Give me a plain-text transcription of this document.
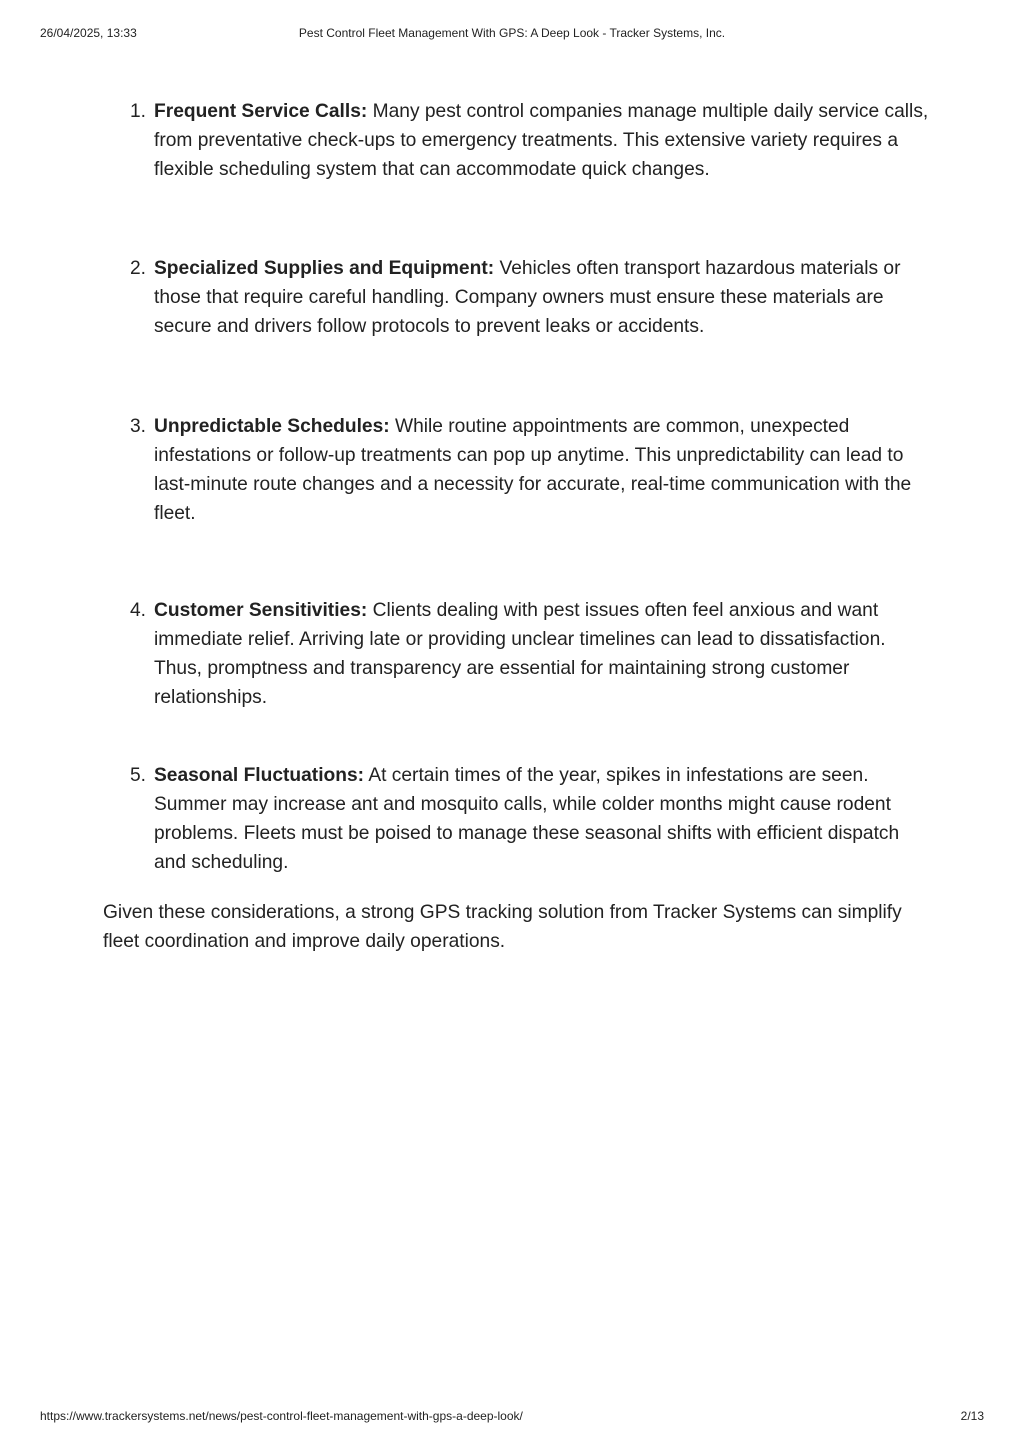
26/04/2025, 13:33	Pest Control Fleet Management With GPS: A Deep Look - Tracker Systems, Inc.
1. Frequent Service Calls: Many pest control companies manage multiple daily service calls, from preventative check-ups to emergency treatments. This extensive variety requires a flexible scheduling system that can accommodate quick changes.
2. Specialized Supplies and Equipment: Vehicles often transport hazardous materials or those that require careful handling. Company owners must ensure these materials are secure and drivers follow protocols to prevent leaks or accidents.
3. Unpredictable Schedules: While routine appointments are common, unexpected infestations or follow-up treatments can pop up anytime. This unpredictability can lead to last-minute route changes and a necessity for accurate, real-time communication with the fleet.
4. Customer Sensitivities: Clients dealing with pest issues often feel anxious and want immediate relief. Arriving late or providing unclear timelines can lead to dissatisfaction. Thus, promptness and transparency are essential for maintaining strong customer relationships.
5. Seasonal Fluctuations: At certain times of the year, spikes in infestations are seen. Summer may increase ant and mosquito calls, while colder months might cause rodent problems. Fleets must be poised to manage these seasonal shifts with efficient dispatch and scheduling.

Given these considerations, a strong GPS tracking solution from Tracker Systems can simplify fleet coordination and improve daily operations.

https://www.trackersystems.net/news/pest-control-fleet-management-with-gps-a-deep-look/	2/13
